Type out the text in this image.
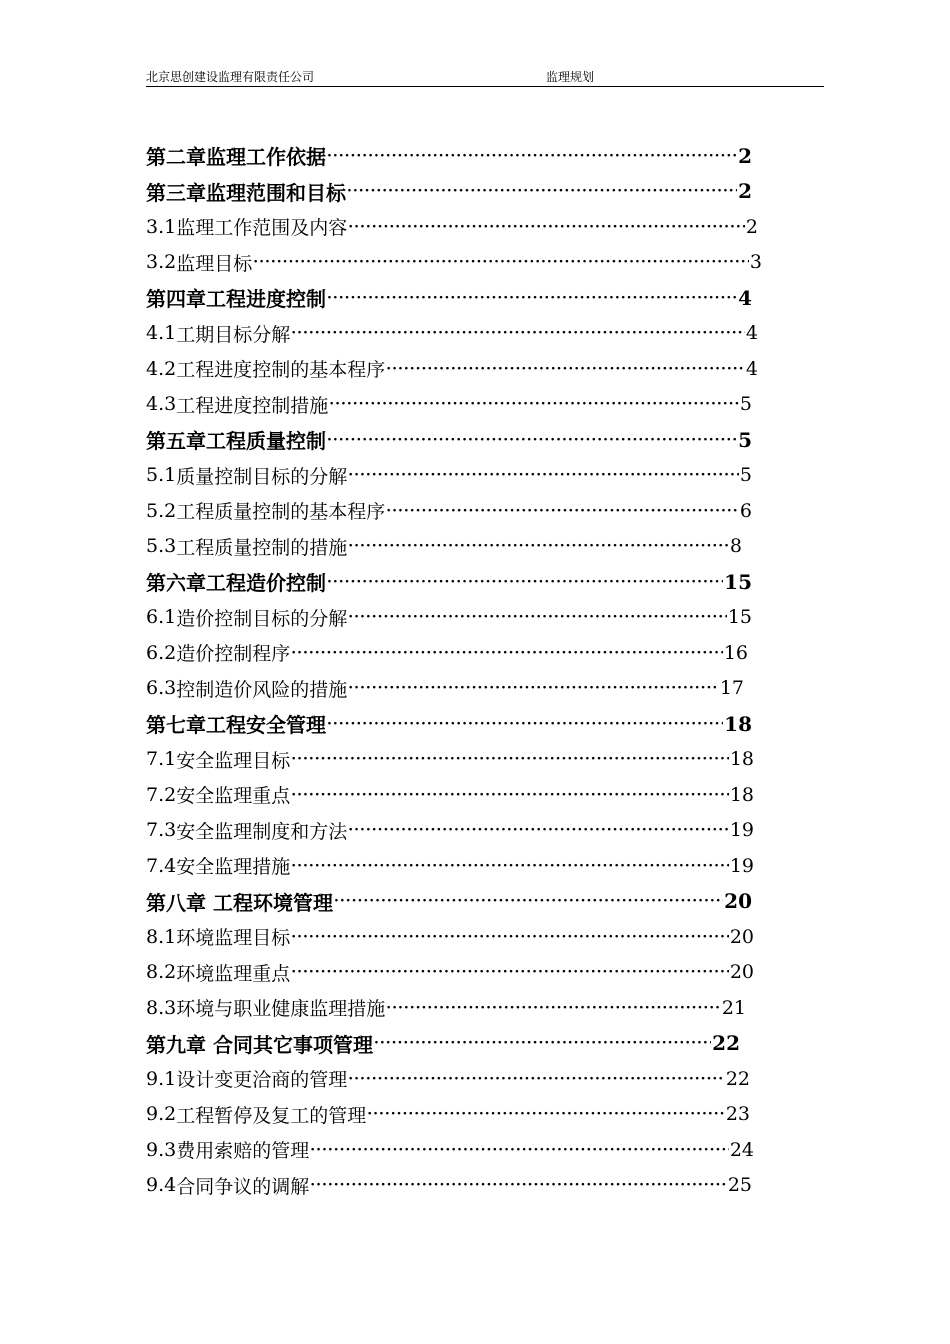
北京思创建设监理有限责任公司	监理规划
第二章监理工作依据 ·····	2
第三章监理范围和目标 ·····	2
3.1 监理工作范围及内容 ·····	2
3.2 监理目标 ·····	3
第四章工程进度控制 ·····	4
4.1 工期目标分解 ·····	4
4.2 工程进度控制的基本程序 ·····	4
4.3 工程进度控制措施 ·····	5
第五章工程质量控制 ·····	5
5.1 质量控制目标的分解 ·····	5
5.2 工程质量控制的基本程序 ·····	6
5.3 工程质量控制的措施 ·····	8
第六章工程造价控制 ·····	15
6.1 造价控制目标的分解 ·····	15
6.2 造价控制程序 ·····	16
6.3 控制造价风险的措施 ·····	17
第七章工程安全管理 ·····	18
7.1 安全监理目标 ·····	18
7.2 安全监理重点 ·····	18
7.3 安全监理制度和方法 ·····	19
7.4 安全监理措施 ·····	19
第八章 工程环境管理 ·····	20
8.1 环境监理目标 ·····	20
8.2 环境监理重点 ·····	20
8.3 环境与职业健康监理措施 ·····	21
第九章 合同其它事项管理 ·····	22
9.1 设计变更洽商的管理 ·····	22
9.2 工程暂停及复工的管理 ·····	23
9.3 费用索赔的管理 ·····	24
9.4 合同争议的调解 ·····	25
